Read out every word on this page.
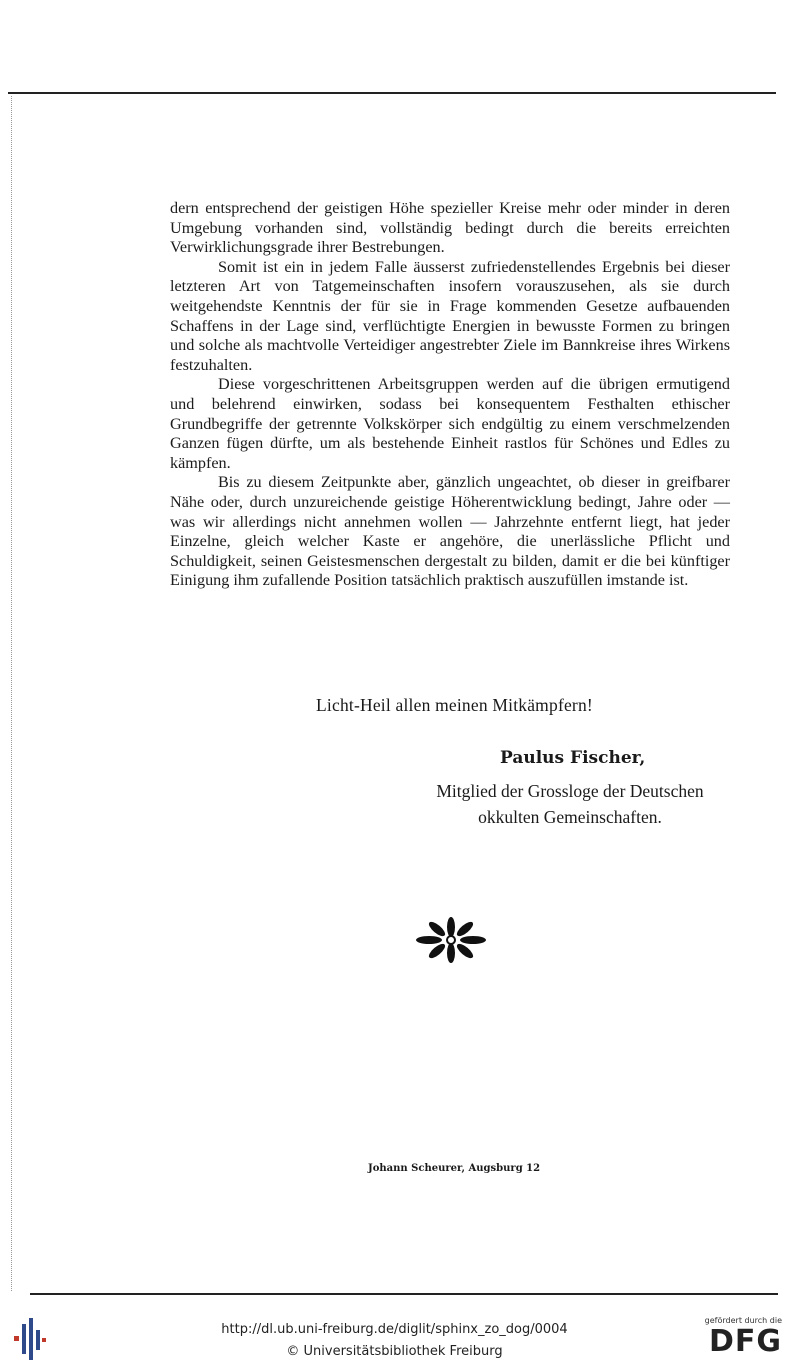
dern entsprechend der geistigen Höhe spezieller Kreise mehr oder minder in deren Umgebung vorhanden sind, vollständig bedingt durch die bereits erreichten Verwirklichungsgrade ihrer Bestrebungen.

Somit ist ein in jedem Falle äusserst zufriedenstellendes Ergebnis bei dieser letzteren Art von Tatgemeinschaften insofern vorauszusehen, als sie durch weitgehendste Kenntnis der für sie in Frage kommenden Gesetze aufbauenden Schaffens in der Lage sind, verflüchtigte Energien in bewusste Formen zu bringen und solche als machtvolle Verteidiger angestrebter Ziele im Bannkreise ihres Wirkens festzuhalten.

Diese vorgeschrittenen Arbeitsgruppen werden auf die übrigen ermutigend und belehrend einwirken, sodass bei konsequentem Festhalten ethischer Grundbegriffe der getrennte Volkskörper sich endgültig zu einem verschmelzenden Ganzen fügen dürfte, um als bestehende Einheit rastlos für Schönes und Edles zu kämpfen.

Bis zu diesem Zeitpunkte aber, gänzlich ungeachtet, ob dieser in greifbarer Nähe oder, durch unzureichende geistige Höherentwicklung bedingt, Jahre oder — was wir allerdings nicht annehmen wollen — Jahrzehnte entfernt liegt, hat jeder Einzelne, gleich welcher Kaste er angehöre, die unerlässliche Pflicht und Schuldigkeit, seinen Geistesmenschen dergestalt zu bilden, damit er die bei künftiger Einigung ihm zufallende Position tatsächlich praktisch auszufüllen imstande ist.

Licht-Heil allen meinen Mitkämpfern!
Paulus Fischer,
Mitglied der Grossloge der Deutschen
okkulten Gemeinschaften.
Johann Scheurer, Augsburg 12
http://dl.ub.uni-freiburg.de/diglit/sphinx_zo_dog/0004
© Universitätsbibliothek Freiburg
gefördert durch die
DFG
